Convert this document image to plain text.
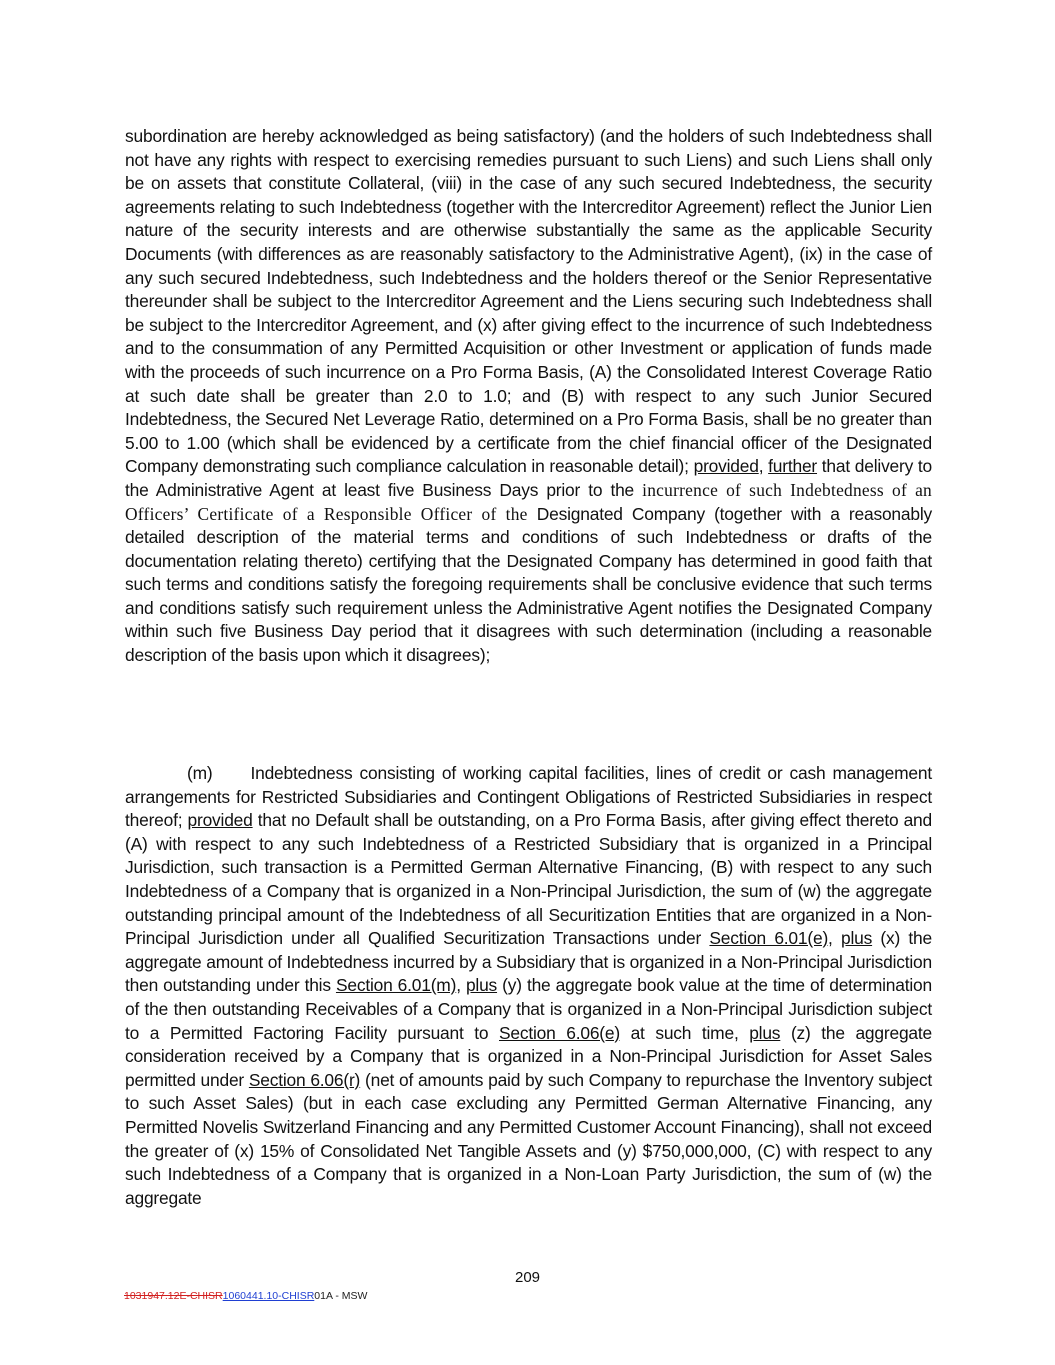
subordination are hereby acknowledged as being satisfactory) (and the holders of such Indebtedness shall not have any rights with respect to exercising remedies pursuant to such Liens) and such Liens shall only be on assets that constitute Collateral, (viii) in the case of any such secured Indebtedness, the security agreements relating to such Indebtedness (together with the Intercreditor Agreement) reflect the Junior Lien nature of the security interests and are otherwise substantially the same as the applicable Security Documents (with differences as are reasonably satisfactory to the Administrative Agent), (ix) in the case of any such secured Indebtedness, such Indebtedness and the holders thereof or the Senior Representative thereunder shall be subject to the Intercreditor Agreement and the Liens securing such Indebtedness shall be subject to the Intercreditor Agreement, and (x) after giving effect to the incurrence of such Indebtedness and to the consummation of any Permitted Acquisition or other Investment or application of funds made with the proceeds of such incurrence on a Pro Forma Basis, (A) the Consolidated Interest Coverage Ratio at such date shall be greater than 2.0 to 1.0; and (B) with respect to any such Junior Secured Indebtedness, the Secured Net Leverage Ratio, determined on a Pro Forma Basis, shall be no greater than 5.00 to 1.00 (which shall be evidenced by a certificate from the chief financial officer of the Designated Company demonstrating such compliance calculation in reasonable detail); provided, further that delivery to the Administrative Agent at least five Business Days prior to the incurrence of such Indebtedness of an Officers’ Certificate of a Responsible Officer of the Designated Company (together with a reasonably detailed description of the material terms and conditions of such Indebtedness or drafts of the documentation relating thereto) certifying that the Designated Company has determined in good faith that such terms and conditions satisfy the foregoing requirements shall be conclusive evidence that such terms and conditions satisfy such requirement unless the Administrative Agent notifies the Designated Company within such five Business Day period that it disagrees with such determination (including a reasonable description of the basis upon which it disagrees);
(m) Indebtedness consisting of working capital facilities, lines of credit or cash management arrangements for Restricted Subsidiaries and Contingent Obligations of Restricted Subsidiaries in respect thereof; provided that no Default shall be outstanding, on a Pro Forma Basis, after giving effect thereto and (A) with respect to any such Indebtedness of a Restricted Subsidiary that is organized in a Principal Jurisdiction, such transaction is a Permitted German Alternative Financing, (B) with respect to any such Indebtedness of a Company that is organized in a Non-Principal Jurisdiction, the sum of (w) the aggregate outstanding principal amount of the Indebtedness of all Securitization Entities that are organized in a Non-Principal Jurisdiction under all Qualified Securitization Transactions under Section 6.01(e), plus (x) the aggregate amount of Indebtedness incurred by a Subsidiary that is organized in a Non-Principal Jurisdiction then outstanding under this Section 6.01(m), plus (y) the aggregate book value at the time of determination of the then outstanding Receivables of a Company that is organized in a Non-Principal Jurisdiction subject to a Permitted Factoring Facility pursuant to Section 6.06(e) at such time, plus (z) the aggregate consideration received by a Company that is organized in a Non-Principal Jurisdiction for Asset Sales permitted under Section 6.06(r) (net of amounts paid by such Company to repurchase the Inventory subject to such Asset Sales) (but in each case excluding any Permitted German Alternative Financing, any Permitted Novelis Switzerland Financing and any Permitted Customer Account Financing), shall not exceed the greater of (x) 15% of Consolidated Net Tangible Assets and (y) $750,000,000, (C) with respect to any such Indebtedness of a Company that is organized in a Non-Loan Party Jurisdiction, the sum of (w) the aggregate
209
1031947.12E-CHISR1060441.10-CHISR01A - MSW
